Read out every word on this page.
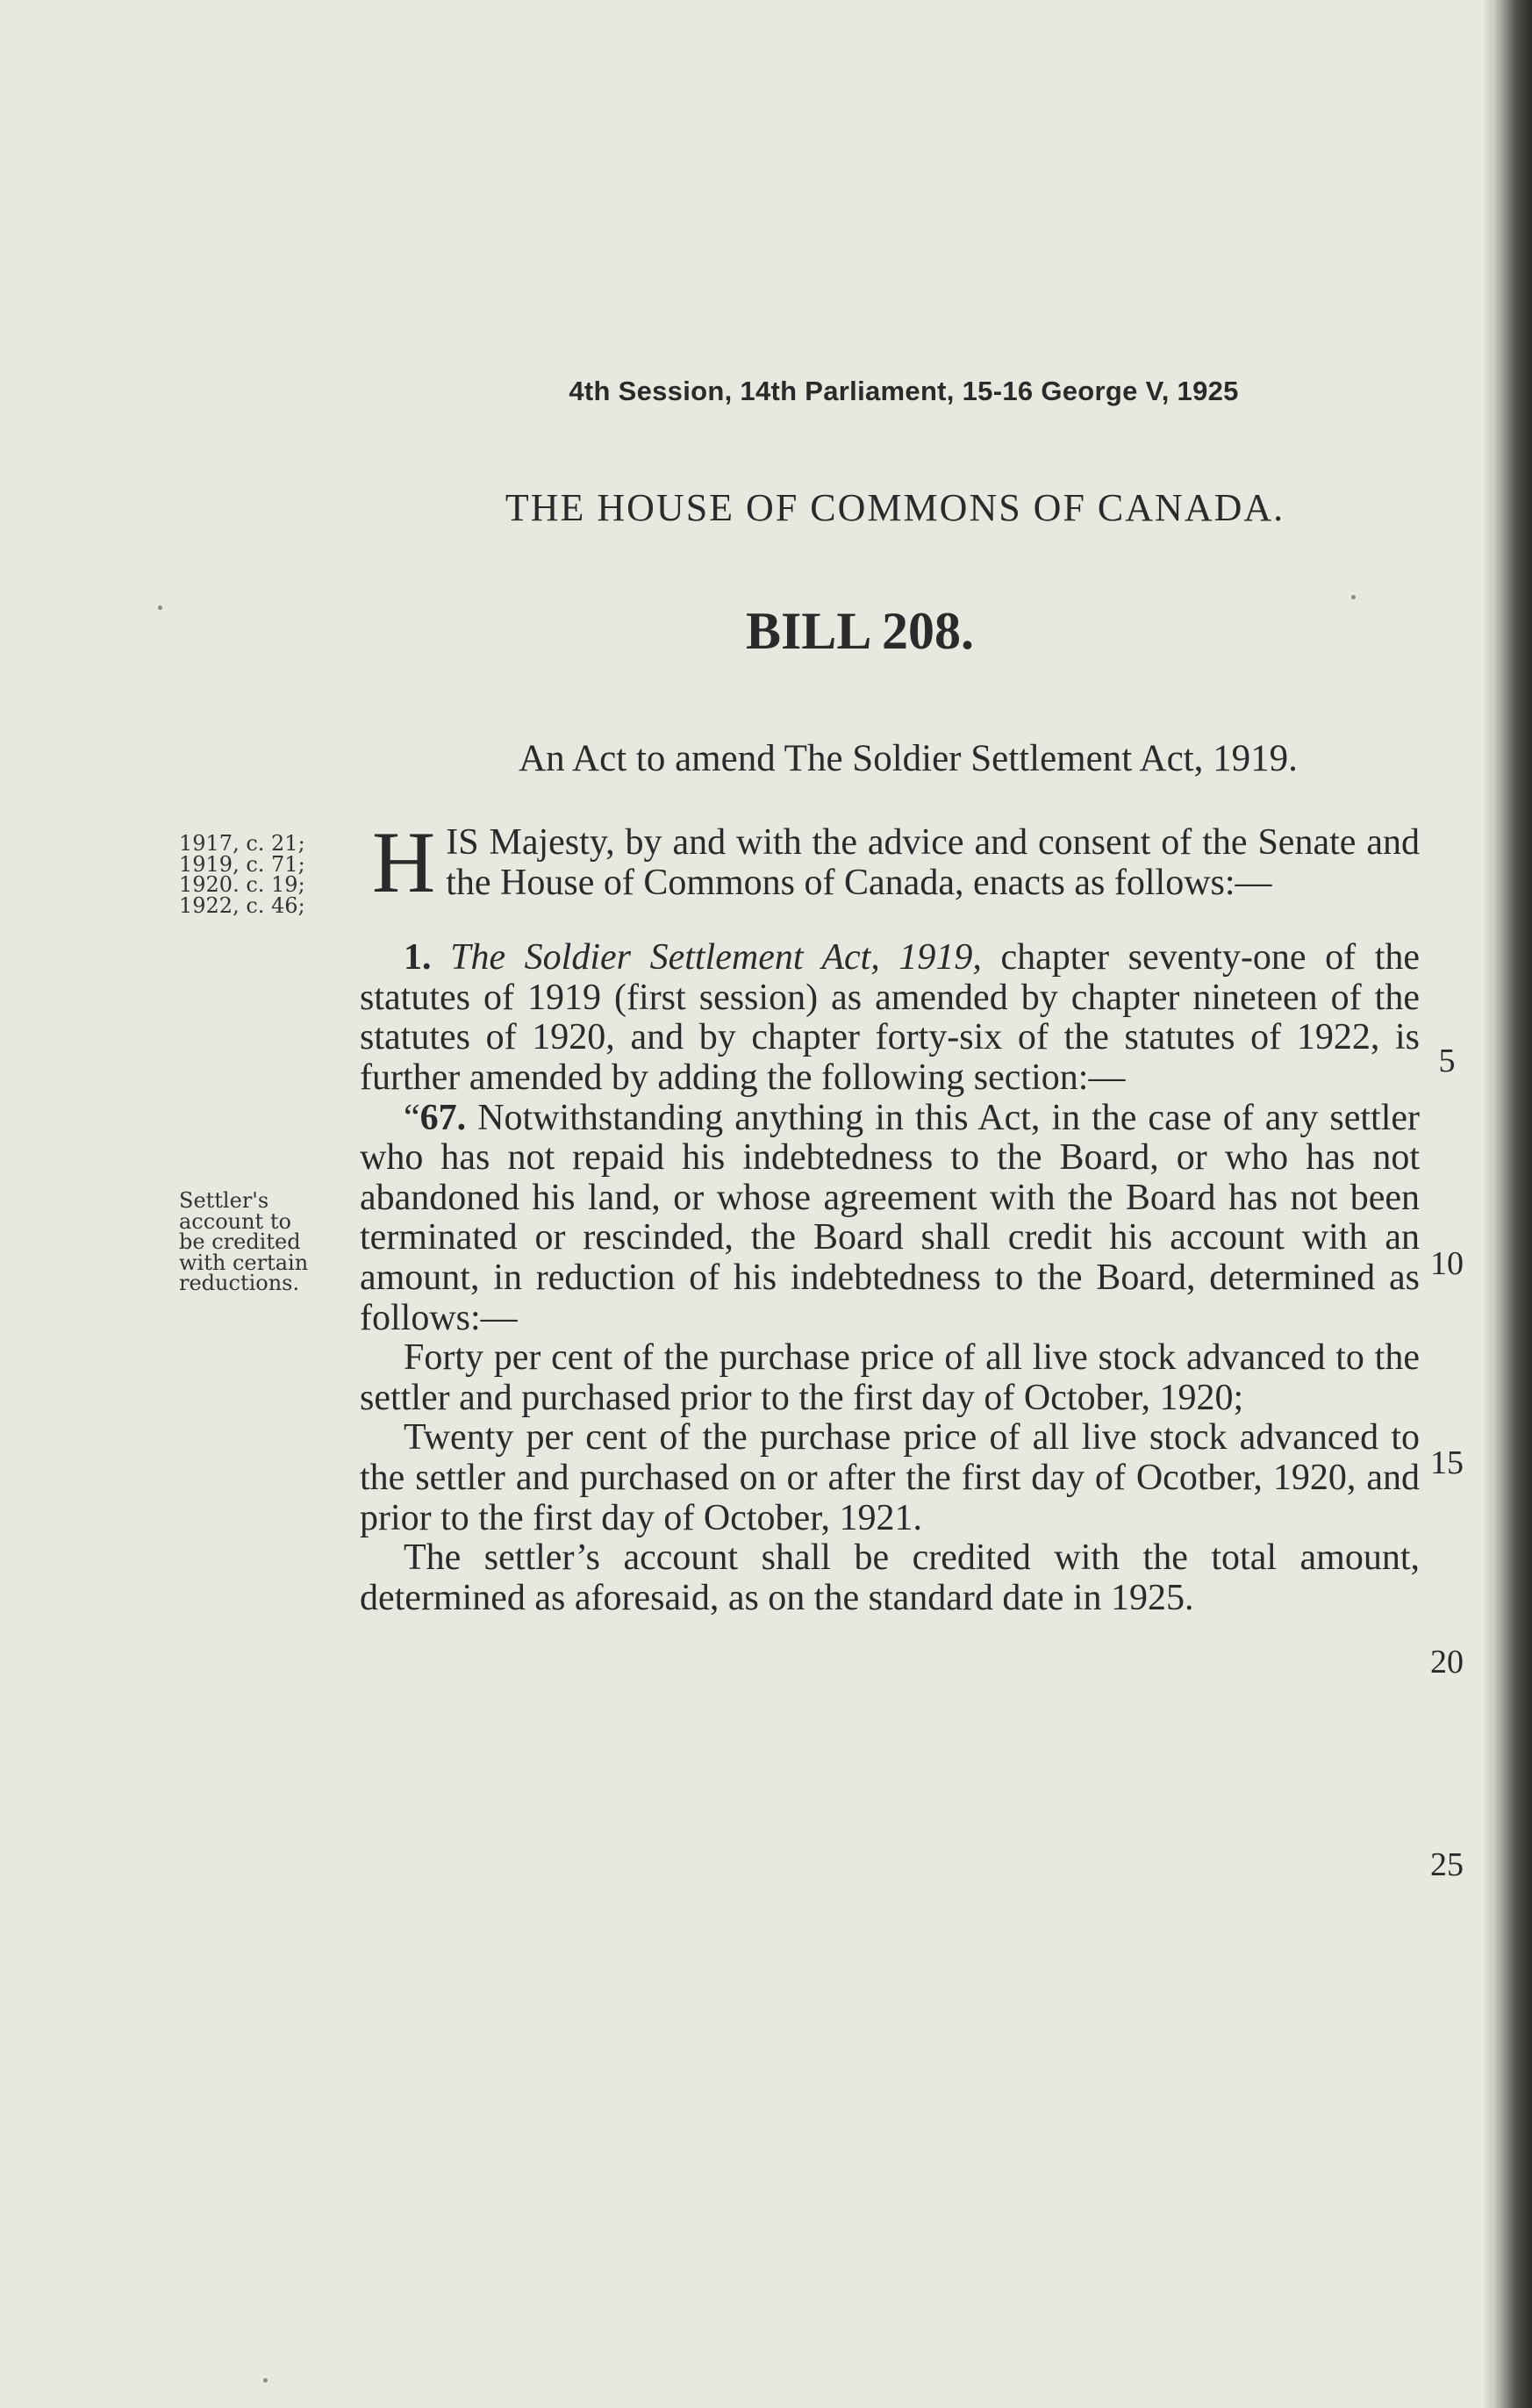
4th Session, 14th Parliament, 15-16 George V, 1925
THE HOUSE OF COMMONS OF CANADA.
BILL 208.
An Act to amend The Soldier Settlement Act, 1919.
1917, c. 21;
1919, c. 71;
1920. c. 19;
1922, c. 46;
Settler's
account to
be credited
with certain
reductions.

HIS Majesty, by and with the advice and consent of the Senate and the House of Commons of Canada, enacts as follows:—

1. The Soldier Settlement Act, 1919, chapter seventy-one of the statutes of 1919 (first session) as amended by chapter nineteen of the statutes of 1920, and by chapter forty-six of the statutes of 1922, is further amended by adding the following section:—

“67. Notwithstanding anything in this Act, in the case of any settler who has not repaid his indebtedness to the Board, or who has not abandoned his land, or whose agreement with the Board has not been terminated or rescinded, the Board shall credit his account with an amount, in reduction of his indebtedness to the Board, determined as follows:—

Forty per cent of the purchase price of all live stock advanced to the settler and purchased prior to the first day of October, 1920;

Twenty per cent of the purchase price of all live stock advanced to the settler and purchased on or after the first day of Ocotber, 1920, and prior to the first day of October, 1921.

The settler’s account shall be credited with the total amount, determined as aforesaid, as on the standard date in 1925.

5
10
15
20
25
